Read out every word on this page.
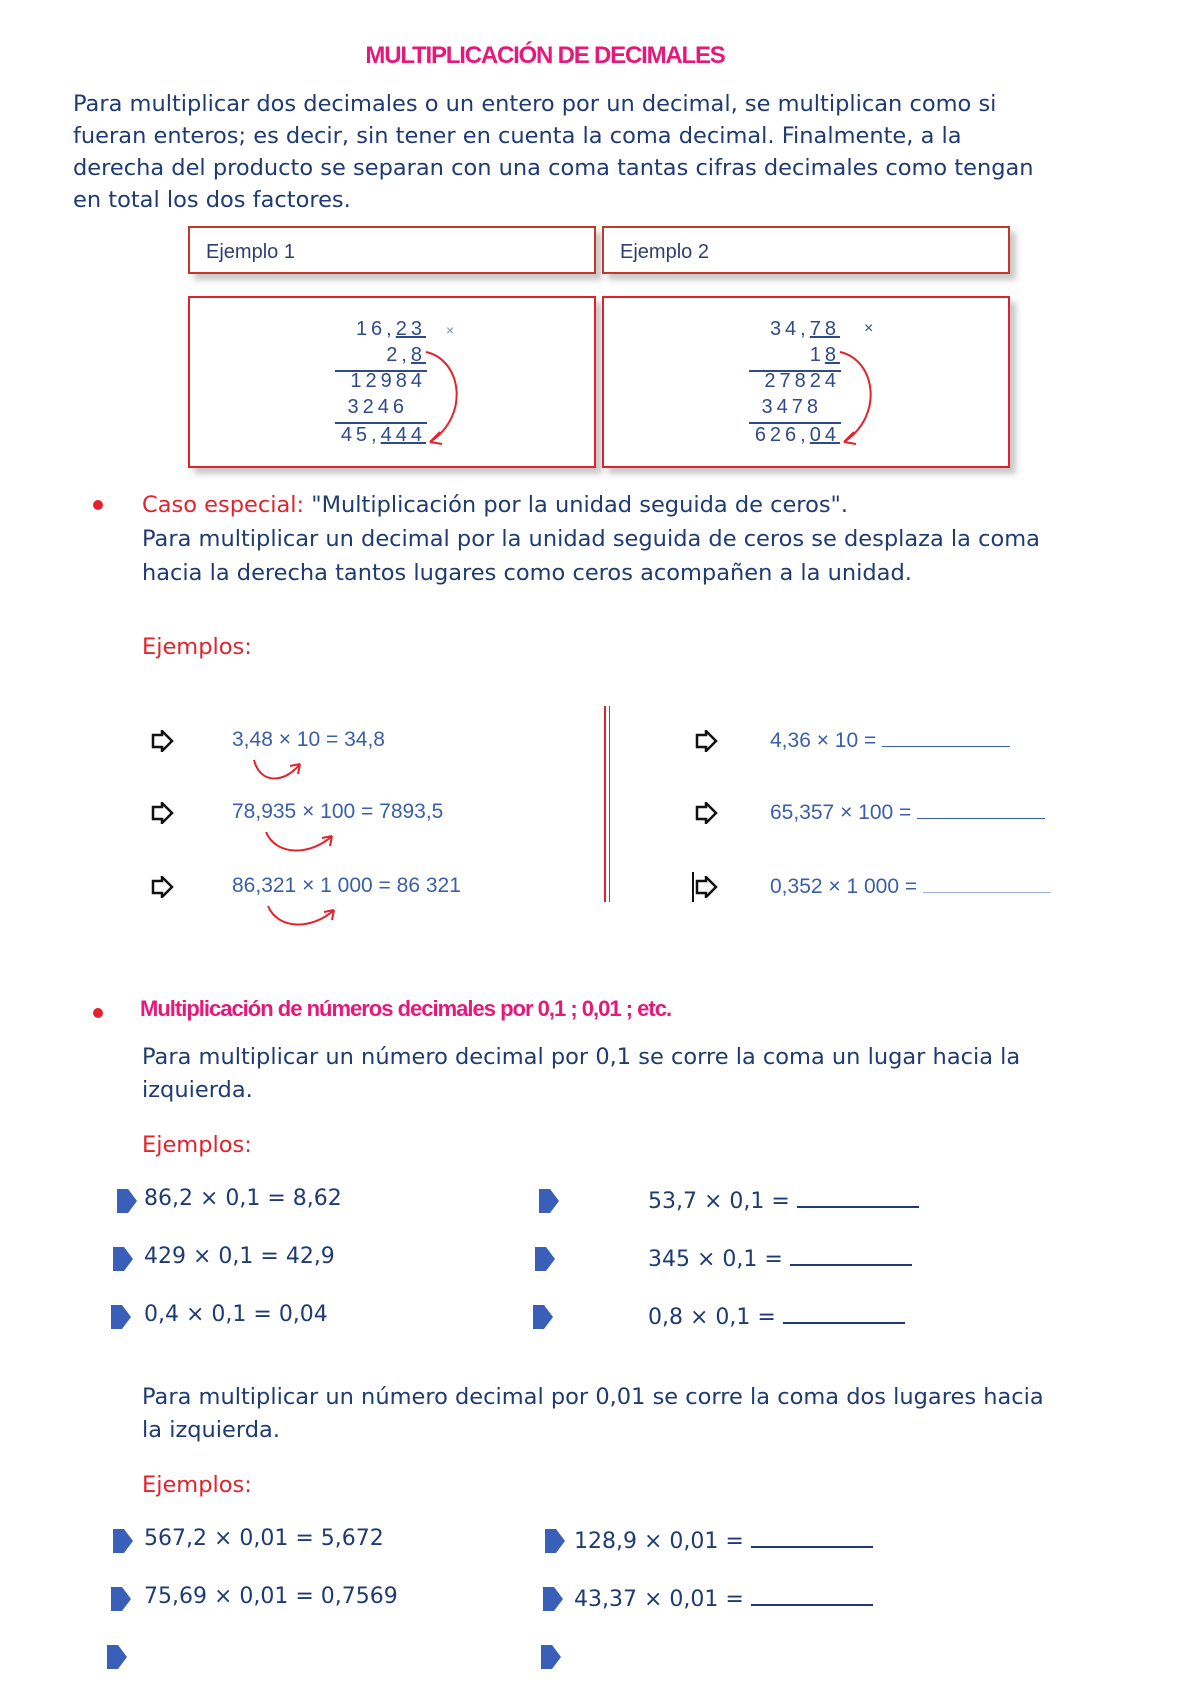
MULTIPLICACIÓN DE DECIMALES
Para multiplicar dos decimales o un entero por un decimal, se multiplican como si
fueran enteros; es decir, sin tener en cuenta la coma decimal. Finalmente, a la
derecha del producto se separan con una coma tantas cifras decimales como tengan
en total los dos factores.
Ejemplo 1	Ejemplo 2
16,23 ×
2,8
12984
3246
45,444
34,78 ×
18
27824
3478
626,04
Caso especial: "Multiplicación por la unidad seguida de ceros".
Para multiplicar un decimal por la unidad seguida de ceros se desplaza la coma
hacia la derecha tantos lugares como ceros acompañen a la unidad.
Ejemplos:
3,48 × 10 = 34,8
78,935 × 100 = 7893,5
86,321 × 1 000 = 86 321
4,36 × 10 =
65,357 × 100 =
0,352 × 1 000 =
Multiplicación de números decimales por 0,1 ; 0,01 ; etc.
Para multiplicar un número decimal por 0,1 se corre la coma un lugar hacia la
izquierda.
Ejemplos:
86,2 × 0,1 = 8,62
429 × 0,1 = 42,9
0,4 × 0,1 = 0,04
53,7 × 0,1 =
345 × 0,1 =
0,8 × 0,1 =
Para multiplicar un número decimal por 0,01 se corre la coma dos lugares hacia
la izquierda.
Ejemplos:
567,2 × 0,01 = 5,672
75,69 × 0,01 = 0,7569
128,9 × 0,01 =
43,37 × 0,01 =
